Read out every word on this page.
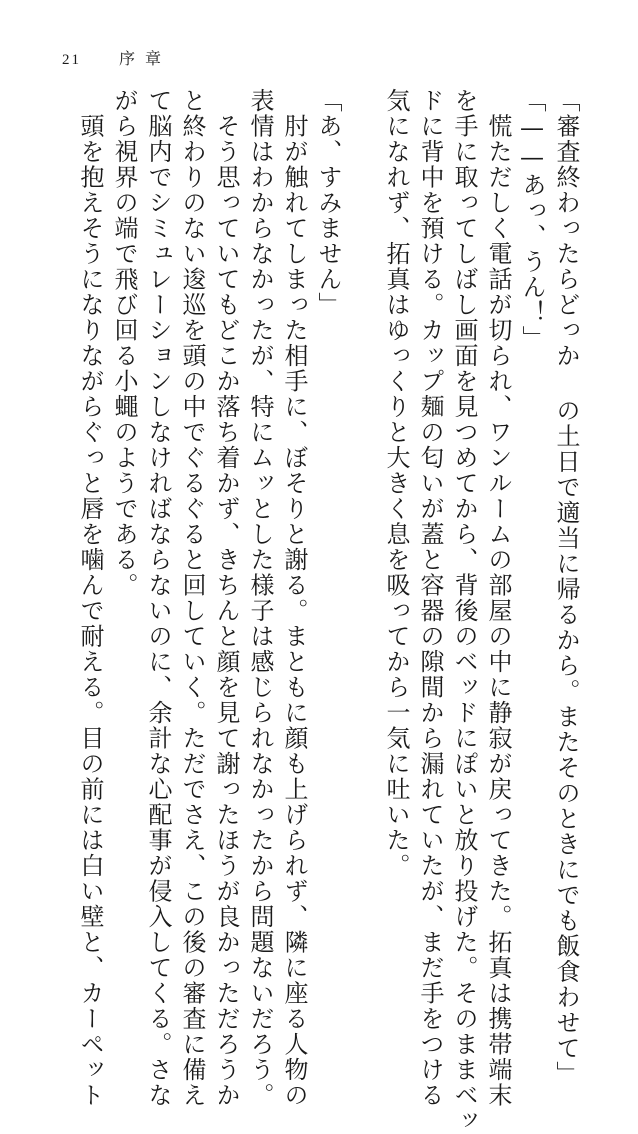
21 序章
「審査終わったらどっか の土日で適当に帰るから。またそのときにでも飯食わせて」
「——あっ、うん！」
　慌ただしく電話が切られ、ワンルームの部屋の中に静寂が戻ってきた。拓真は携帯端末
を手に取ってしばし画面を見つめてから、背後のベッドにぽいと放り投げた。そのままベッ
ドに背中を預ける。カップ麺の匂いが蓋と容器の隙間から漏れていたが、まだ手をつける
気になれず、拓真はゆっくりと大きく息を吸ってから一気に吐いた。

「あ、すみません」
　肘が触れてしまった相手に、ぼそりと謝る。まともに顔も上げられず、隣に座る人物の
表情はわからなかったが、特にムッとした様子は感じられなかったから問題ないだろう。
　そう思っていてもどこか落ち着かず、きちんと顔を見て謝ったほうが良かっただろうか
と終わりのない逡巡を頭の中でぐるぐると回していく。ただでさえ、この後の審査に備え
て脳内でシミュレーションしなければならないのに、余計な心配事が侵入してくる。さな
がら視界の端で飛び回る小蠅のようである。
　頭を抱えそうになりながらぐっと唇を噛んで耐える。目の前には白い壁と、カーペット
